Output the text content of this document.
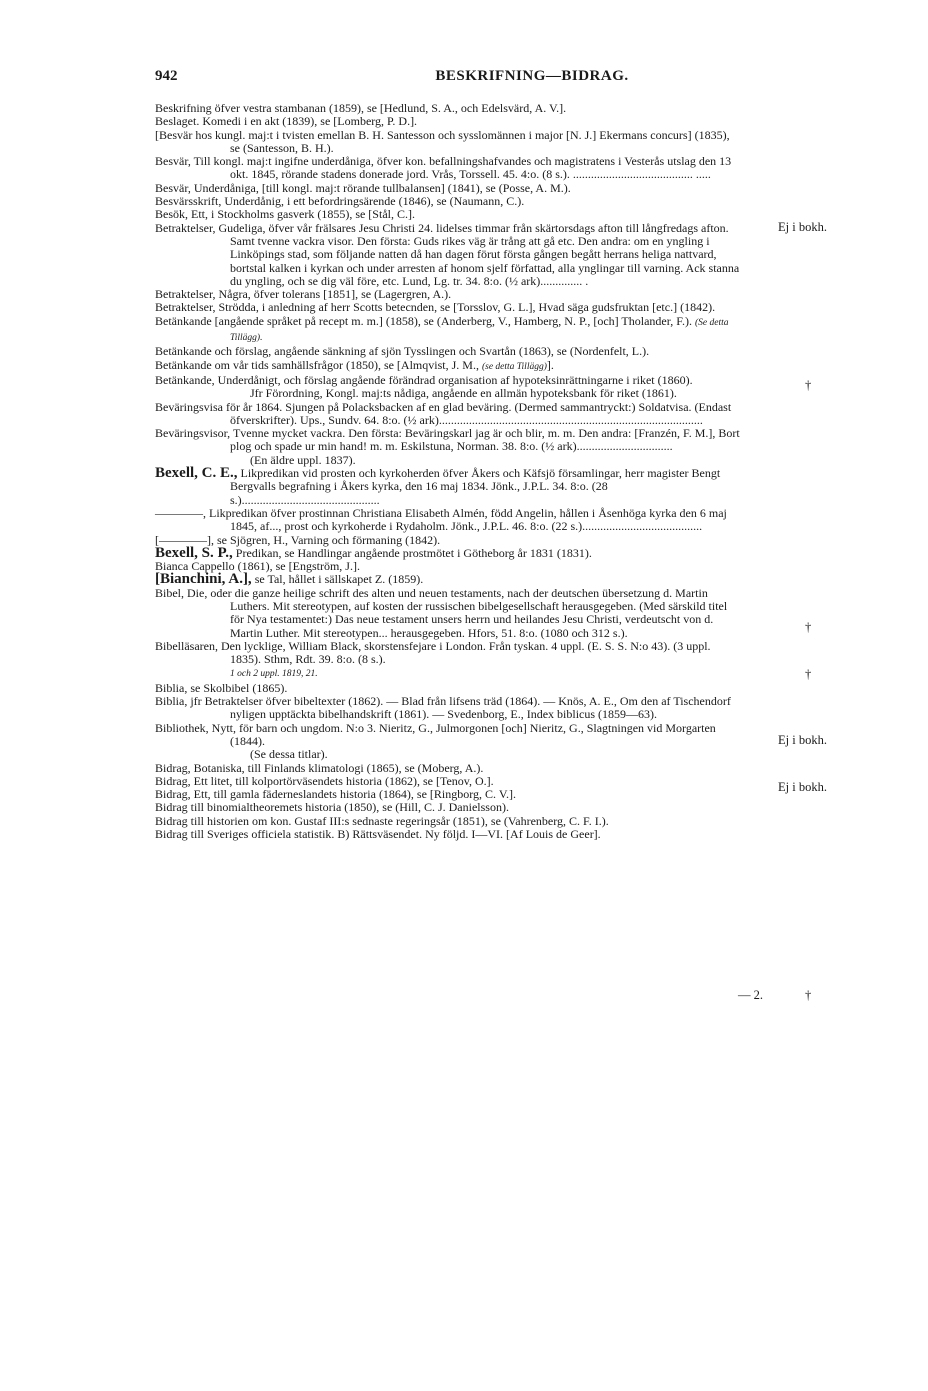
942	BESKRIFNING—BIDRAG.

Beskrifning öfver vestra stambanan (1859), se [Hedlund, S. A., och Edelsvärd, A. V.].

Beslaget. Komedi i en akt (1839), se [Lomberg, P. D.].

[Besvär hos kungl. maj:t i tvisten emellan B. H. Santesson och sysslomännen i major [N. J.] Ekermans concurs] (1835), se (Santesson, B. H.).

Besvär, Till kongl. maj:t ingifne underdåniga, öfver kon. befallningshafvandes och magistratens i Vesterås utslag den 13 okt. 1845, rörande stadens donerade jord. Vrås, Torssell. 45. 4:o. (8 s.). ........................................ .....

Besvär, Underdåniga, [till kongl. maj:t rörande tullbalansen] (1841), se (Posse, A. M.).

Besvärsskrift, Underdånig, i ett befordringsärende (1846), se (Naumann, C.).

Besök, Ett, i Stockholms gasverk (1855), se [Stål, C.].

Betraktelser, Gudeliga, öfver vår frälsares Jesu Christi 24. lidelses timmar från skärtorsdags afton till långfredags afton. Samt tvenne vackra visor. Den första: Guds rikes väg är trång att gå etc. Den andra: om en yngling i Linköpings stad, som följande natten då han dagen förut första gången begått herrans heliga nattvard, bortstal kalken i kyrkan och under arresten af honom sjelf författad, alla ynglingar till varning. Ack stanna du yngling, och se dig väl före, etc. Lund, Lg. tr. 34. 8:o. (½ ark).............. .

Betraktelser, Några, öfver tolerans [1851], se (Lagergren, A.).

Betraktelser, Strödda, i anledning af herr Scotts betecnden, se [Torsslov, G. L.], Hvad säga gudsfruktan [etc.] (1842).

Betänkande [angående språket på recept m. m.] (1858), se (Anderberg, V., Hamberg, N. P., [och] Tholander, F.). (Se detta Tillägg).

Betänkande och förslag, angående sänkning af sjön Tysslingen och Svartån (1863), se (Nordenfelt, L.).

Betänkande om vår tids samhällsfrågor (1850), se [Almqvist, J. M., (se detta Tillägg)].

Betänkande, Underdånigt, och förslag angående förändrad organisation af hypoteksinrättningarne i riket (1860).

Jfr Förordning, Kongl. maj:ts nådiga, angående en allmän hypoteksbank för riket (1861).

Beväringsvisa för år 1864. Sjungen på Polacksbacken af en glad beväring. (Dermed sammantryckt:) Soldatvisa. (Endast öfverskrifter). Ups., Sundv. 64. 8:o. (½ ark)........................................................................................

Beväringsvisor, Tvenne mycket vackra. Den första: Beväringskarl jag är och blir, m. m. Den andra: [Franzén, F. M.], Bort plog och spade ur min hand! m. m. Eskilstuna, Norman. 38. 8:o. (½ ark)................................

(En äldre uppl. 1837).

Bexell, C. E., Likpredikan vid prosten och kyrkoherden öfver Åkers och Käfsjö församlingar, herr magister Bengt Bergvalls begrafning i Åkers kyrka, den 16 maj 1834. Jönk., J.P.L. 34. 8:o. (28 s.)..............................................

————, Likpredikan öfver prostinnan Christiana Elisabeth Almén, född Angelin, hållen i Åsenhöga kyrka den 6 maj 1845, af..., prost och kyrkoherde i Rydaholm. Jönk., J.P.L. 46. 8:o. (22 s.)........................................

[————], se Sjögren, H., Varning och förmaning (1842).

Bexell, S. P., Predikan, se Handlingar angående prostmötet i Götheborg år 1831 (1831).

Bianca Cappello (1861), se [Engström, J.].

[Bianchini, A.], se Tal, hållet i sällskapet Z. (1859).

Bibel, Die, oder die ganze heilige schrift des alten und neuen testaments, nach der deutschen übersetzung d. Martin Luthers. Mit stereotypen, auf kosten der russischen bibelgesellschaft herausgegeben. (Med särskild titel för Nya testamentet:) Das neue testament unsers herrn und heilandes Jesu Christi, verdeutscht von d. Martin Luther. Mit stereotypen... herausgegeben. Hfors, 51. 8:o. (1080 och 312 s.).

Bibelläsaren, Den lycklige, William Black, skorstensfejare i London. Från tyskan. 4 uppl. (E. S. S. N:o 43). (3 uppl. 1835). Sthm, Rdt. 39. 8:o. (8 s.).
1 och 2 uppl. 1819, 21.

Biblia, se Skolbibel (1865).

Biblia, jfr Betraktelser öfver bibeltexter (1862). — Blad från lifsens träd (1864). — Knös, A. E., Om den af Tischendorf nyligen upptäckta bibelhandskrift (1861). — Svedenborg, E., Index biblicus (1859—63).

Bibliothek, Nytt, för barn och ungdom. N:o 3. Nieritz, G., Julmorgonen [och] Nieritz, G., Slagtningen vid Morgarten (1844).

(Se dessa titlar).

Bidrag, Botaniska, till Finlands klimatologi (1865), se (Moberg, A.).

Bidrag, Ett litet, till kolportörväsendets historia (1862), se [Tenov, O.].

Bidrag, Ett, till gamla fäderneslandets historia (1864), se [Ringborg, C. V.].

Bidrag till binomialtheoremets historia (1850), se (Hill, C. J. Danielsson).

Bidrag till historien om kon. Gustaf III:s sednaste regeringsår (1851), se (Vahrenberg, C. F. I.).

Bidrag till Sveriges officiela statistik. B) Rättsväsendet. Ny följd. I—VI. [Af Louis de Geer].

Ej i bokh.
†
†
†
Ej i bokh.
Ej i bokh.
— 2.	†
